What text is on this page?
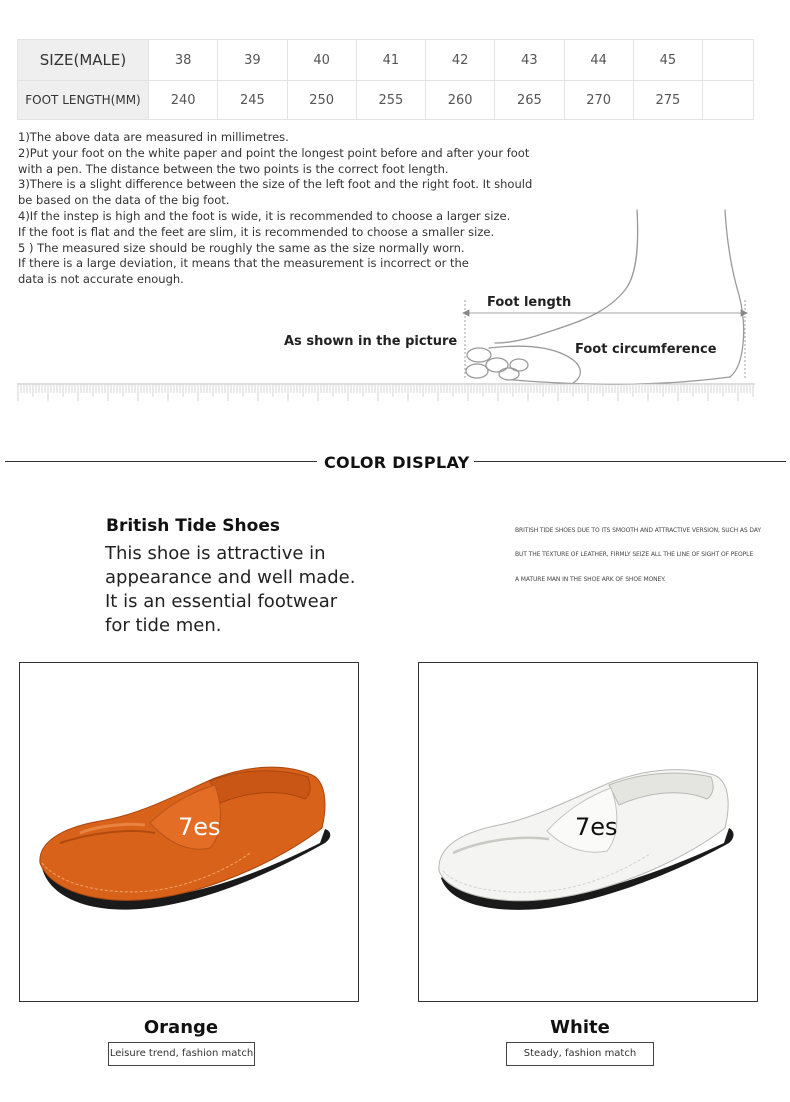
SIZE(MALE)	38	39	40	41	42	43	44	45	
FOOT LENGTH(MM)	240	245	250	255	260	265	270	275	
1)The above data are measured in millimetres.
2)Put your foot on the white paper and point the longest point before and after your foot
with a pen. The distance between the two points is the correct foot length.
3)There is a slight difference between the size of the left foot and the right foot. It should
be based on the data of the big foot.
4)If the instep is high and the foot is wide, it is recommended to choose a larger size.
If the foot is flat and the feet are slim, it is recommended to choose a smaller size.
5 ) The measured size should be roughly the same as the size normally worn.
If there is a large deviation, it means that the measurement is incorrect or the
data is not accurate enough.
Foot length
Foot circumference
As shown in the picture
COLOR DISPLAY
British Tide Shoes
This shoe is attractive in
appearance and well made.
It is an essential footwear
for tide men.
BRITISH TIDE SHOES DUE TO ITS SMOOTH AND ATTRACTIVE VERSION, SUCH AS DAY
BUT THE TEXTURE OF LEATHER, FIRMLY SEIZE ALL THE LINE OF SIGHT OF PEOPLE
A MATURE MAN IN THE SHOE ARK OF SHOE MONEY.
7es
Orange
Leisure trend, fashion match
7es
White
Steady, fashion match
